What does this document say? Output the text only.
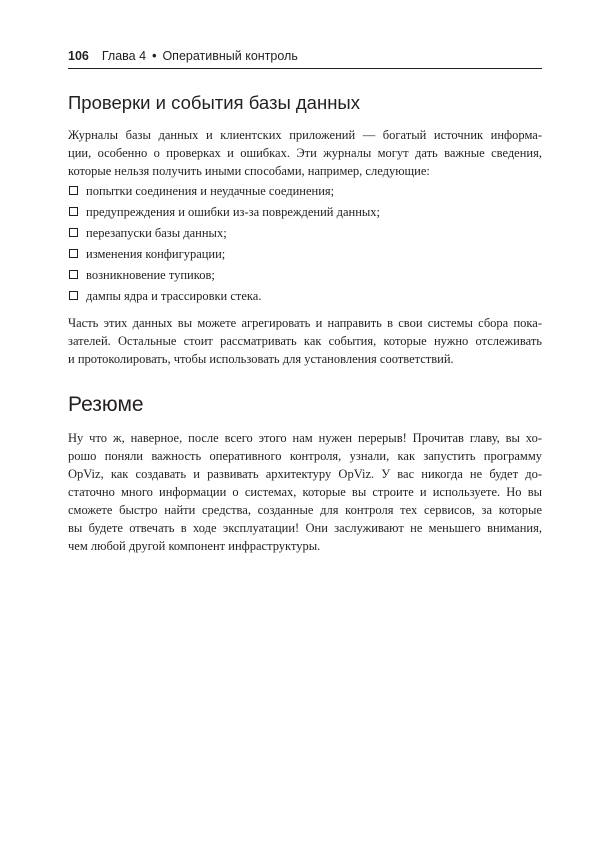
106 Глава 4 • Оперативный контроль
Проверки и события базы данных

Журналы базы данных и клиентских приложений — богатый источник информа-
ции, особенно о проверках и ошибках. Эти журналы могут дать важные сведения,
которые нельзя получить иными способами, например, следующие:

попытки соединения и неудачные соединения;
предупреждения и ошибки из-за повреждений данных;
перезапуски базы данных;
изменения конфигурации;
возникновение тупиков;
дампы ядра и трассировки стека.

Часть этих данных вы можете агрегировать и направить в свои системы сбора пока-
зателей. Остальные стоит рассматривать как события, которые нужно отслеживать
и протоколировать, чтобы использовать для установления соответствий.

Резюме

Ну что ж, наверное, после всего этого нам нужен перерыв! Прочитав главу, вы хо-
рошо поняли важность оперативного контроля, узнали, как запустить программу
OpViz, как создавать и развивать архитектуру OpViz. У вас никогда не будет до-
статочно много информации о системах, которые вы строите и используете. Но вы
сможете быстро найти средства, созданные для контроля тех сервисов, за которые
вы будете отвечать в ходе эксплуатации! Они заслуживают не меньшего внимания,
чем любой другой компонент инфраструктуры.
